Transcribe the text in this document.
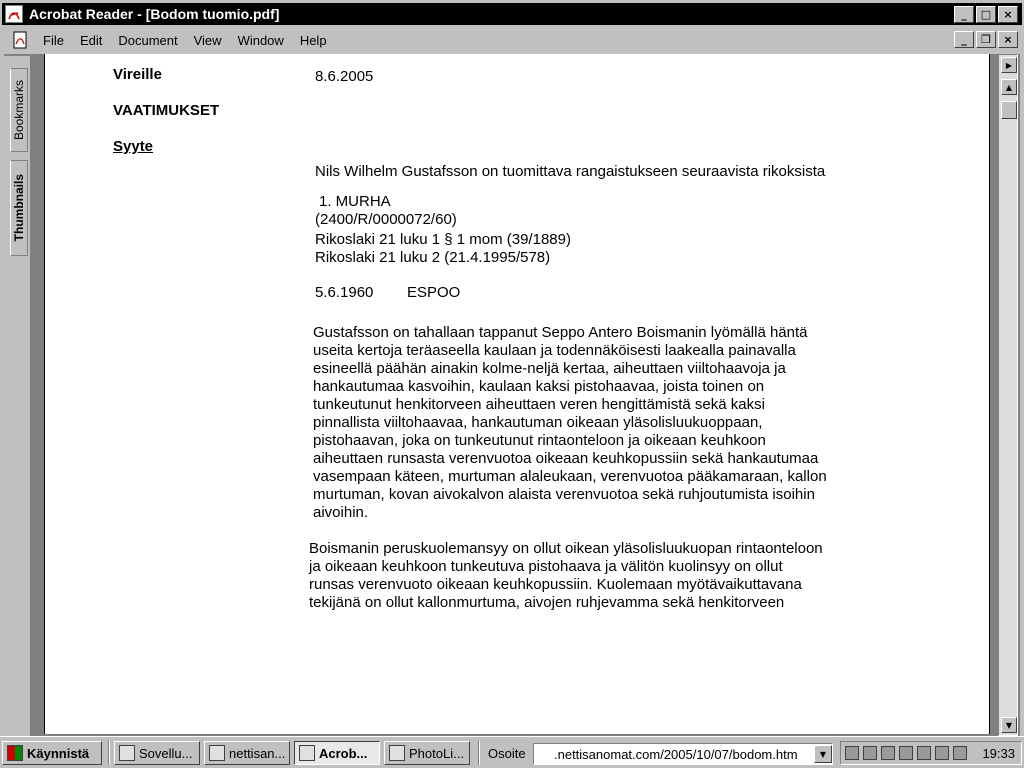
Acrobat Reader - [Bodom tuomio.pdf]	_	□	×
File	Edit	Document	View	Window	Help	_	❐	×
Bookmarks
Thumbnails
Vireille	8.6.2005
VAATIMUKSET
Syyte
Nils Wilhelm Gustafsson on tuomittava rangaistukseen seuraavista rikoksista
1. MURHA
(2400/R/0000072/60)
Rikoslaki 21 luku 1 § 1 mom (39/1889)
Rikoslaki 21 luku 2 (21.4.1995/578)
5.6.1960 ESPOO
Gustafsson on tahallaan tappanut Seppo Antero Boismanin lyömällä häntä
useita kertoja teräaseella kaulaan ja todennäköisesti laakealla painavalla
esineellä päähän ainakin kolme-neljä kertaa, aiheuttaen viiltohaavoja ja
hankautumaa kasvoihin, kaulaan kaksi pistohaavaa, joista toinen on
tunkeutunut henkitorveen aiheuttaen veren hengittämistä sekä kaksi
pinnallista viiltohaavaa, hankautuman oikeaan yläsolisluukuoppaan,
pistohaavan, joka on tunkeutunut rintaonteloon ja oikeaan keuhkoon
aiheuttaen runsasta verenvuotoa oikeaan keuhkopussiin sekä hankautumaa
vasempaan käteen, murtuman alaleukaan, verenvuotoa pääkamaraan, kallon
murtuman, kovan aivokalvon alaista verenvuotoa sekä ruhjoutumista isoihin
aivoihin.
Boismanin peruskuolemansyy on ollut oikean yläsolisluukuopan rintaonteloon
ja oikeaan keuhkoon tunkeutuva pistohaava ja välitön kuolinsyy on ollut
runsas verenvuoto oikeaan keuhkopussiin. Kuolemaan myötävaikuttavana
tekijänä on ollut kallonmurtuma, aivojen ruhjevamma sekä henkitorveen
▶
▲
▼
Käynnistä	Sovellu...	nettisan...	Acrob...	PhotoLi... Osoite	.nettisanomat.com/2005/10/07/bodom.htm	▼	19:33
